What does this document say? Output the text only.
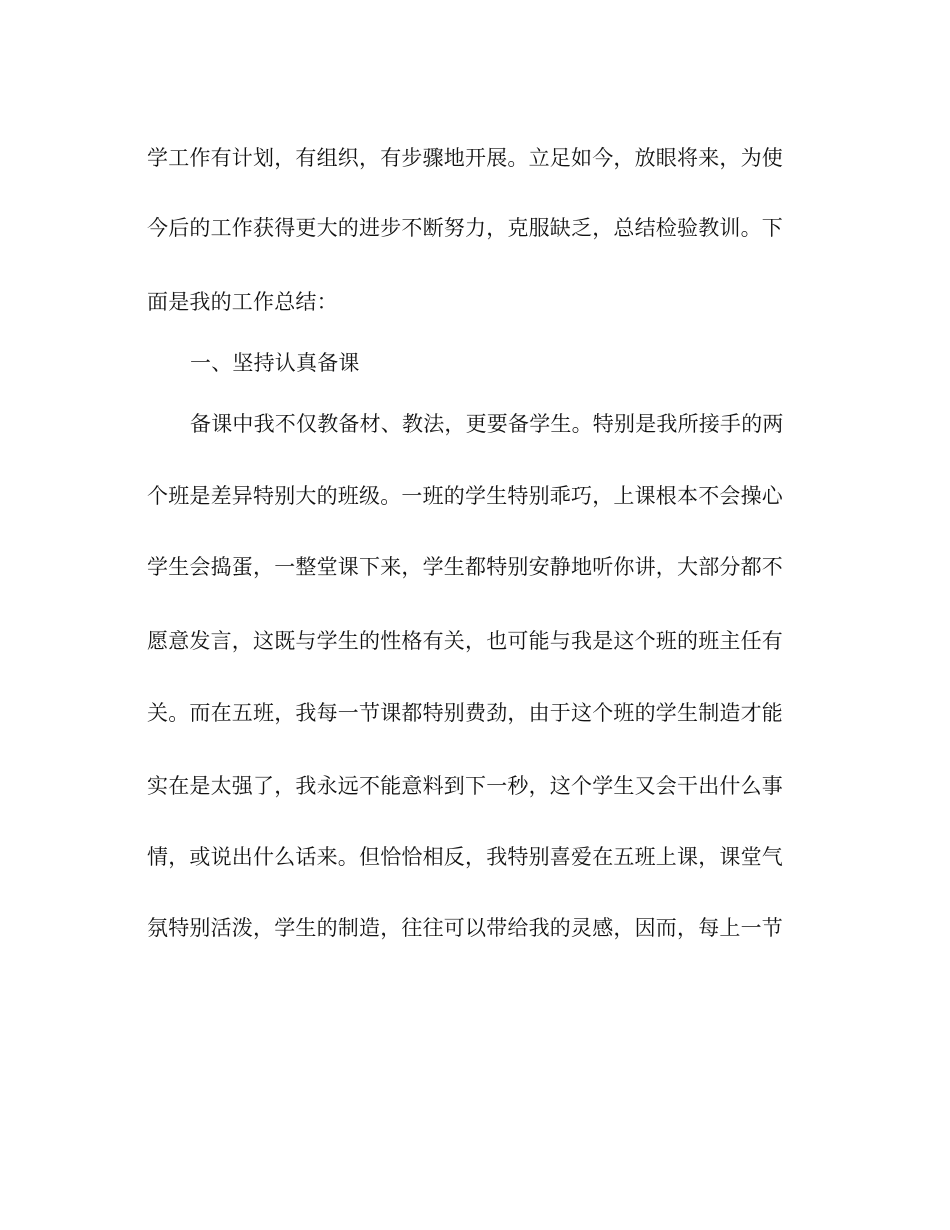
学工作有计划，有组织，有步骤地开展。立足如今，放眼将来，为使
今后的工作获得更大的进步不断努力，克服缺乏，总结检验教训。下
面是我的工作总结：
一、坚持认真备课
备课中我不仅教备材、教法，更要备学生。特别是我所接手的两
个班是差异特别大的班级。一班的学生特别乖巧，上课根本不会操心
学生会捣蛋，一整堂课下来，学生都特别安静地听你讲，大部分都不
愿意发言，这既与学生的性格有关，也可能与我是这个班的班主任有
关。而在五班，我每一节课都特别费劲，由于这个班的学生制造才能
实在是太强了，我永远不能意料到下一秒，这个学生又会干出什么事
情，或说出什么话来。但恰恰相反，我特别喜爱在五班上课，课堂气
氛特别活泼，学生的制造，往往可以带给我的灵感，因而，每上一节
